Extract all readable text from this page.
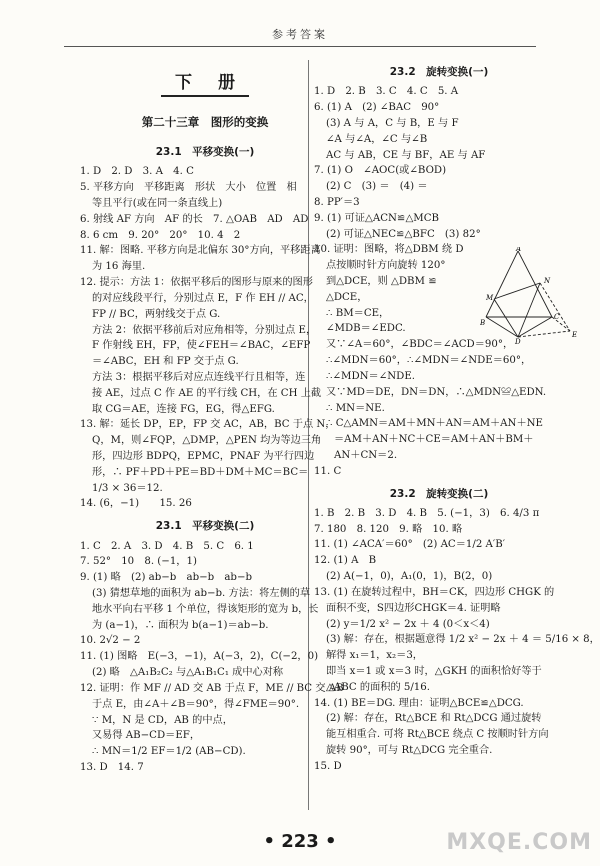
参考答案
下 册
第二十三章　图形的变换
23.1　平移变换(一)
1. D　2. D　3. A　4. C
5. 平移方向　平移距离　形状　大小　位置　相
等且平行(或在同一条直线上)
6. 射线 AF 方向　AF 的长　7. △OAB　AD　AD
8. 6 cm　9. 20°　20°　10. 4　2
11. 解：图略. 平移方向是北偏东 30°方向，平移距离
为 16 海里.
12. 提示：方法 1：依据平移后的图形与原来的图形
的对应线段平行，分别过点 E，F 作 EH // AC，
FP // BC，两射线交于点 G.
方法 2：依据平移前后对应角相等，分别过点 E，
F 作射线 EH，FP，使∠FEH＝∠BAC，∠EFP
＝∠ABC，EH 和 FP 交于点 G.
方法 3：根据平移后对应点连线平行且相等，连
接 AE，过点 C 作 AE 的平行线 CH，在 CH 上截
取 CG＝AE，连接 FG，EG，得△EFG.
13. 解：延长 DP，EP，FP 交 AC，AB，BC 于点 N，
Q，M，则∠FQP，△DMP，△PEN 均为等边三角
形，四边形 BDPQ，EPMC，PNAF 为平行四边
形，∴ PF＋PD＋PE＝BD＋DM＋MC＝BC＝
1/3 × 36＝12.
14. (6，−1)　　15. 26
23.1　平移变换(二)
1. C　2. A　3. D　4. B　5. C　6. 1
7. 52°　10　8. (−1，1)
9. (1) 略　(2) ab−b　ab−b　ab−b
(3) 猜想草地的面积为 ab−b. 方法：将左侧的草
地水平向右平移 1 个单位，得该矩形的宽为 b，长
为 (a−1)，∴ 面积为 b(a−1)＝ab−b.
10. 2√2 − 2
11. (1) 图略　E(−3，−1)，A(−3，2)，C(−2，0)
(2) 略　△A₁B₂C₂ 与△A₁B₁C₁ 成中心对称
12. 证明：作 MF // AD 交 AB 于点 F，ME // BC 交 AB
于点 E，由∠A＋∠B＝90°，得∠FME＝90°.
∵ M，N 是 CD，AB 的中点，
又易得 AB−CD＝EF，
∴ MN＝1/2 EF＝1/2 (AB−CD).
13. D　14. 7
23.2　旋转变换(一)
1. D　2. B　3. C　4. C　5. A
6. (1) A　(2) ∠BAC　90°
(3) A 与 A，C 与 B，E 与 F
∠A 与∠A，∠C 与∠B
AC 与 AB，CE 与 BF，AE 与 AF
7. (1) O　∠AOC(或∠BOD)
(2) C　(3) ＝　(4) ＝
8. PP′＝3
9. (1) 可证△ACN≌△MCB
(2) 可证△NEC≌△BFC　(3) 82°
10. 证明：图略，将△DBM 绕 D
点按顺时针方向旋转 120°
到△DCE，则 △DBM ≌
△DCE，
∴ BM＝CE，
∠MDB＝∠EDC.
又∵∠A＝60°，∠BDC＝∠ACD＝90°，
∴∠MDN＝60°，∴∠MDN＝∠NDE＝60°，
∴∠MDN＝∠NDE.
又∵MD＝DE，DN＝DN，∴△MDN≌△EDN.
∴ MN＝NE.
∴ C△AMN＝AM＋MN＋AN＝AM＋AN＋NE
＝AM＋AN＋NC＋CE＝AM＋AN＋BM＋
AN＋CN＝2.
11. C
23.2　旋转变换(二)
1. B　2. B　3. D　4. B　5. (−1，3)　6. 4/3 π
7. 180　8. 120　9. 略　10. 略
11. (1) ∠ACA′＝60°　(2) AC＝1/2 A′B′
12. (1) A　B
(2) A(−1，0)，A₁(0，1)，B(2，0)
13. (1) 在旋转过程中，BH＝CK，四边形 CHGK 的
面积不变，S四边形CHGK＝4. 证明略
(2) y＝1/2 x² − 2x ＋ 4 (0＜x＜4)
(3) 解：存在，根据题意得 1/2 x² − 2x ＋ 4 ＝ 5/16 × 8，
解得 x₁＝1，x₂＝3，
即当 x＝1 或 x＝3 时，△GKH 的面积恰好等于
△ABC 的面积的 5/16.
14. (1) BE＝DG. 理由：证明△BCE≌△DCG.
(2) 解：存在，Rt△BCE 和 Rt△DCG 通过旋转
能互相重合. 可将 Rt△BCE 绕点 C 按顺时针方向
旋转 90°，可与 Rt△DCG 完全重合.
15. D
A
M
N
B
C
D
E
• 223 •	MXQE.COM
